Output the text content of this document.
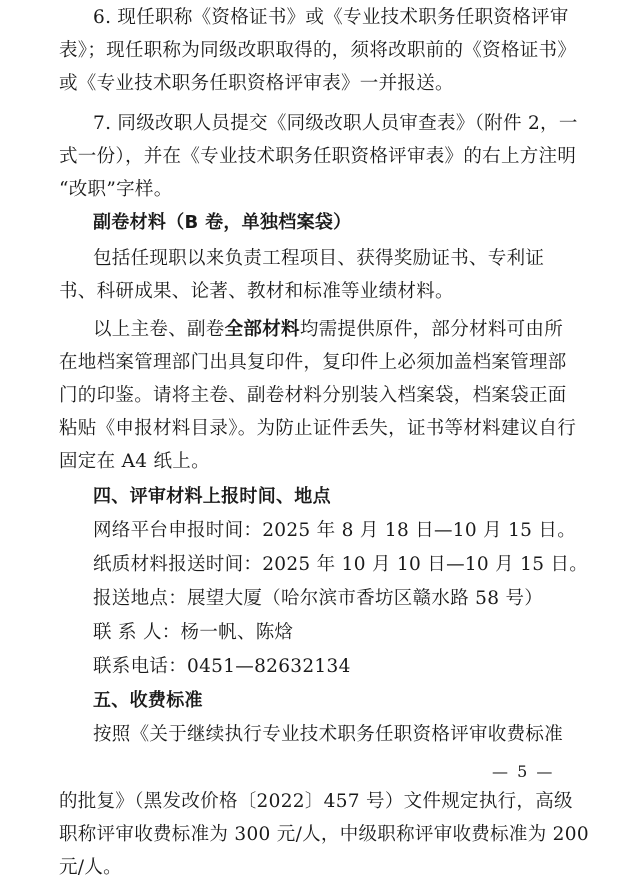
6. 现任职称《资格证书》或《专业技术职务任职资格评审
表》；现任职称为同级改职取得的，须将改职前的《资格证书》
或《专业技术职务任职资格评审表》一并报送。
7. 同级改职人员提交《同级改职人员审查表》（附件 2，一
式一份），并在《专业技术职务任职资格评审表》的右上方注明
“改职”字样。
副卷材料（B 卷，单独档案袋）
包括任现职以来负责工程项目、获得奖励证书、专利证
书、科研成果、论著、教材和标准等业绩材料。
以上主卷、副卷全部材料均需提供原件，部分材料可由所
在地档案管理部门出具复印件，复印件上必须加盖档案管理部
门的印鉴。请将主卷、副卷材料分别装入档案袋，档案袋正面
粘贴《申报材料目录》。为防止证件丢失，证书等材料建议自行
固定在 A4 纸上。
四、评审材料上报时间、地点
网络平台申报时间：2025 年 8 月 18 日—10 月 15 日。
纸质材料报送时间：2025 年 10 月 10 日—10 月 15 日。
报送地点：展望大厦（哈尔滨市香坊区赣水路 58 号）
联 系 人：杨一帆、陈焓
联系电话：0451—82632134
五、收费标准
按照《关于继续执行专业技术职务任职资格评审收费标准
— 5 —
的批复》（黑发改价格〔2022〕457 号）文件规定执行，高级
职称评审收费标准为 300 元/人，中级职称评审收费标准为 200
元/人。
